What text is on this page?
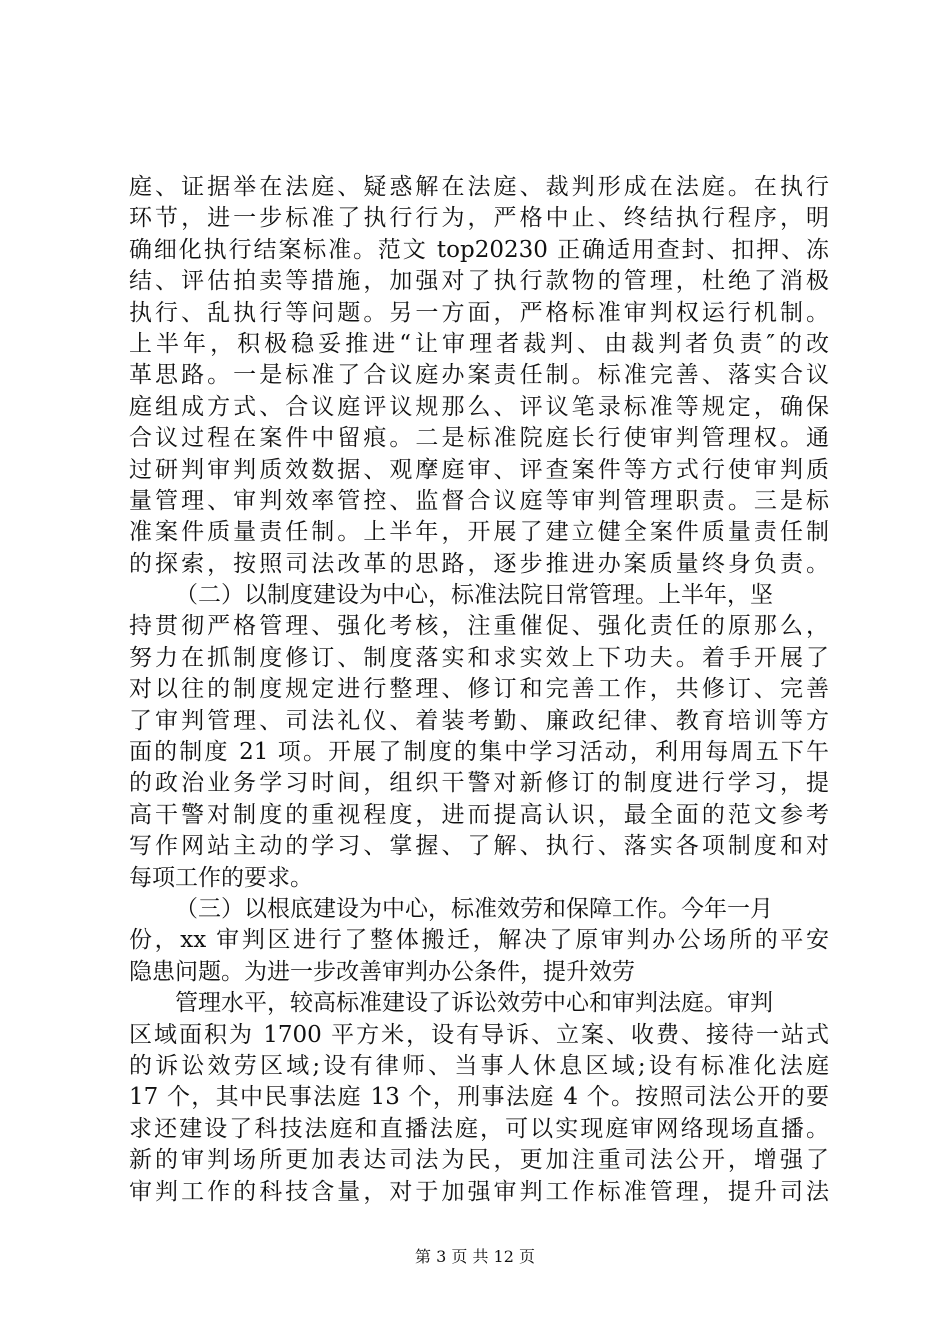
庭、证据举在法庭、疑惑解在法庭、裁判形成在法庭。在执行
环节，进一步标准了执行行为，严格中止、终结执行程序，明
确细化执行结案标准。范文 top20230 正确适用查封、扣押、冻
结、评估拍卖等措施，加强对了执行款物的管理，杜绝了消极
执行、乱执行等问题。另一方面，严格标准审判权运行机制。
上半年，积极稳妥推进“让审理者裁判、由裁判者负责″的改
革思路。一是标准了合议庭办案责任制。标准完善、落实合议
庭组成方式、合议庭评议规那么、评议笔录标准等规定，确保
合议过程在案件中留痕。二是标准院庭长行使审判管理权。通
过研判审判质效数据、观摩庭审、评查案件等方式行使审判质
量管理、审判效率管控、监督合议庭等审判管理职责。三是标
准案件质量责任制。上半年，开展了建立健全案件质量责任制
的探索，按照司法改革的思路，逐步推进办案质量终身负责。
（二）以制度建设为中心，标准法院日常管理。上半年，坚
持贯彻严格管理、强化考核，注重催促、强化责任的原那么，
努力在抓制度修订、制度落实和求实效上下功夫。着手开展了
对以往的制度规定进行整理、修订和完善工作，共修订、完善
了审判管理、司法礼仪、着装考勤、廉政纪律、教育培训等方
面的制度 21 项。开展了制度的集中学习活动，利用每周五下午
的政治业务学习时间，组织干警对新修订的制度进行学习，提
高干警对制度的重视程度，进而提高认识，最全面的范文参考
写作网站主动的学习、掌握、了解、执行、落实各项制度和对
每项工作的要求。
（三）以根底建设为中心，标准效劳和保障工作。今年一月
份，xx 审判区进行了整体搬迁，解决了原审判办公场所的平安
隐患问题。为进一步改善审判办公条件，提升效劳
管理水平，较高标准建设了诉讼效劳中心和审判法庭。审判
区域面积为 1700 平方米，设有导诉、立案、收费、接待一站式
的诉讼效劳区域;设有律师、当事人休息区域;设有标准化法庭
17 个，其中民事法庭 13 个，刑事法庭 4 个。按照司法公开的要
求还建设了科技法庭和直播法庭，可以实现庭审网络现场直播。
新的审判场所更加表达司法为民，更加注重司法公开，增强了
审判工作的科技含量，对于加强审判工作标准管理，提升司法
第 3 页 共 12 页
